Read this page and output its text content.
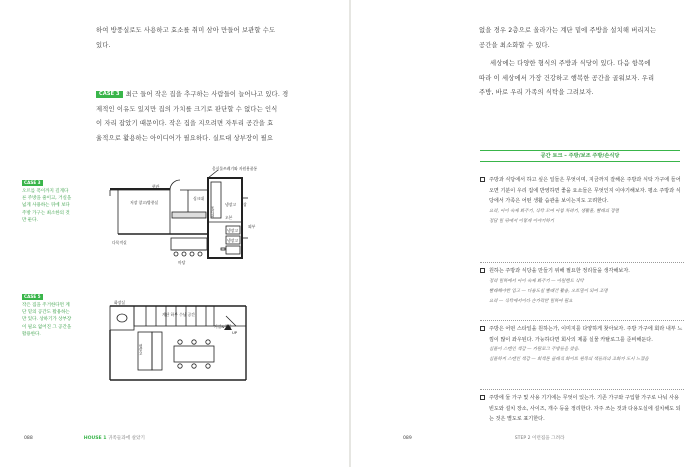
하여 방풍실로도 사용하고 효소를 취미 삼아 만들어 보관할 수도

있다.

CASE 3 최근 들어 작은 집을 추구하는 사람들이 늘어나고 있다. 경

제적인 이유도 있지만 집의 가치를 크기로 판단할 수 없다는 인식

이 자리 잡았기 때문이다. 작은 집을 지으려면 자투리 공간을 효

율적으로 활용하는 아이디어가 필요하다. 실트대 상부장이 필요

CASE 3
오르를 폭이까지 길게다른 주방을 줄이고, 거실을 넓게 사용하는 뒤에 보다 주방 가구는 최소한의 것만 둔다.
CASE 5
작은 집을 주거한다면 계단 밑의 공간도 활용하는 만 있다. 상하기가 상부장이 필요 없어진 그 공간을 활용한다.
음식물쓰레기와 자원용품통
현관
저장 창고/방풍실
조리대
냉장고
오븐
냉장고
냉장고
싱크대
창
다목적실
마당
외부
화장실
계단 하부 수납 공간
UP
거실&주방
냉장고
088	HOUSE 1 귀족들과에 살았기

없을 경우 2층으로 올라가는 계단 밑에 주방을 설치해 버리지는

공간을 최소화할 수 있다.

세상에는 다양한 형식의 주방과 식당이 있다. 다음 항목에

따라 이 세상에서 가장 건강하고 행복한 공간을 골워보자. 우리

주방, 바로 우리 가족의 식탁을 그려보자.

089	STEP 2 이런집을 그려라
공간 토크 – 주방/보조 주방/손식당
주방과 식당에서 하고 싶은 일들은 무엇이며, 지금까지 잘해온 주방과 식탁 가구에 들어 오면 기분이 우리 집에 반영하면 좋을 요소들은 무엇인지 이야기해보자. 평소 주방과 식당에서 가족은 어떤 생활 습관을 보이는지도 고려한다.
요리, 아이 숙제 봐주기, 식탁 모여 아침 차려기, 생활물, 빨래의 정렬
정답 일 뒤에서 이렇게 이야기하기
원하는 주방과 식당을 만들기 위해 필요한 정리들을 생각해보자.
정리 일하에서 아이 숙제 봐주기 — 아일랜드 식탁
빨래해야만 입고 — 다용도실 빨래건 활용, 오트밀이 되어 조명
요리 — 식탁에서이다 손가락만 일하여 필요
주방은 어떤 스타일을 원하는가, 이미지를 다양하게 찾아보자. 주방 가구에 회라 내부 느낌이 많이 좌우된다. 가능하다면 회사의 제품 실물 카탈로그를 준비해둔다.
심플이 스텐인 색감 — 카탈로그 주방들을 찾음.
심플하지 스텐인 색감 — 회색톤 클래식 화이트 원목의 색들과의 조화가 도시 느꼈음
주방에 둘 가구 및 사용 기기에는 무엇이 있는가. 기존 가구와 구입할 가구로 나눠 사용 빈도와 설치 장소, 사이즈, 개수 등을 정리한다. 자주 쓰는 것과 다용도실에 설치해도 되는 것은 별도로 표기한다.
